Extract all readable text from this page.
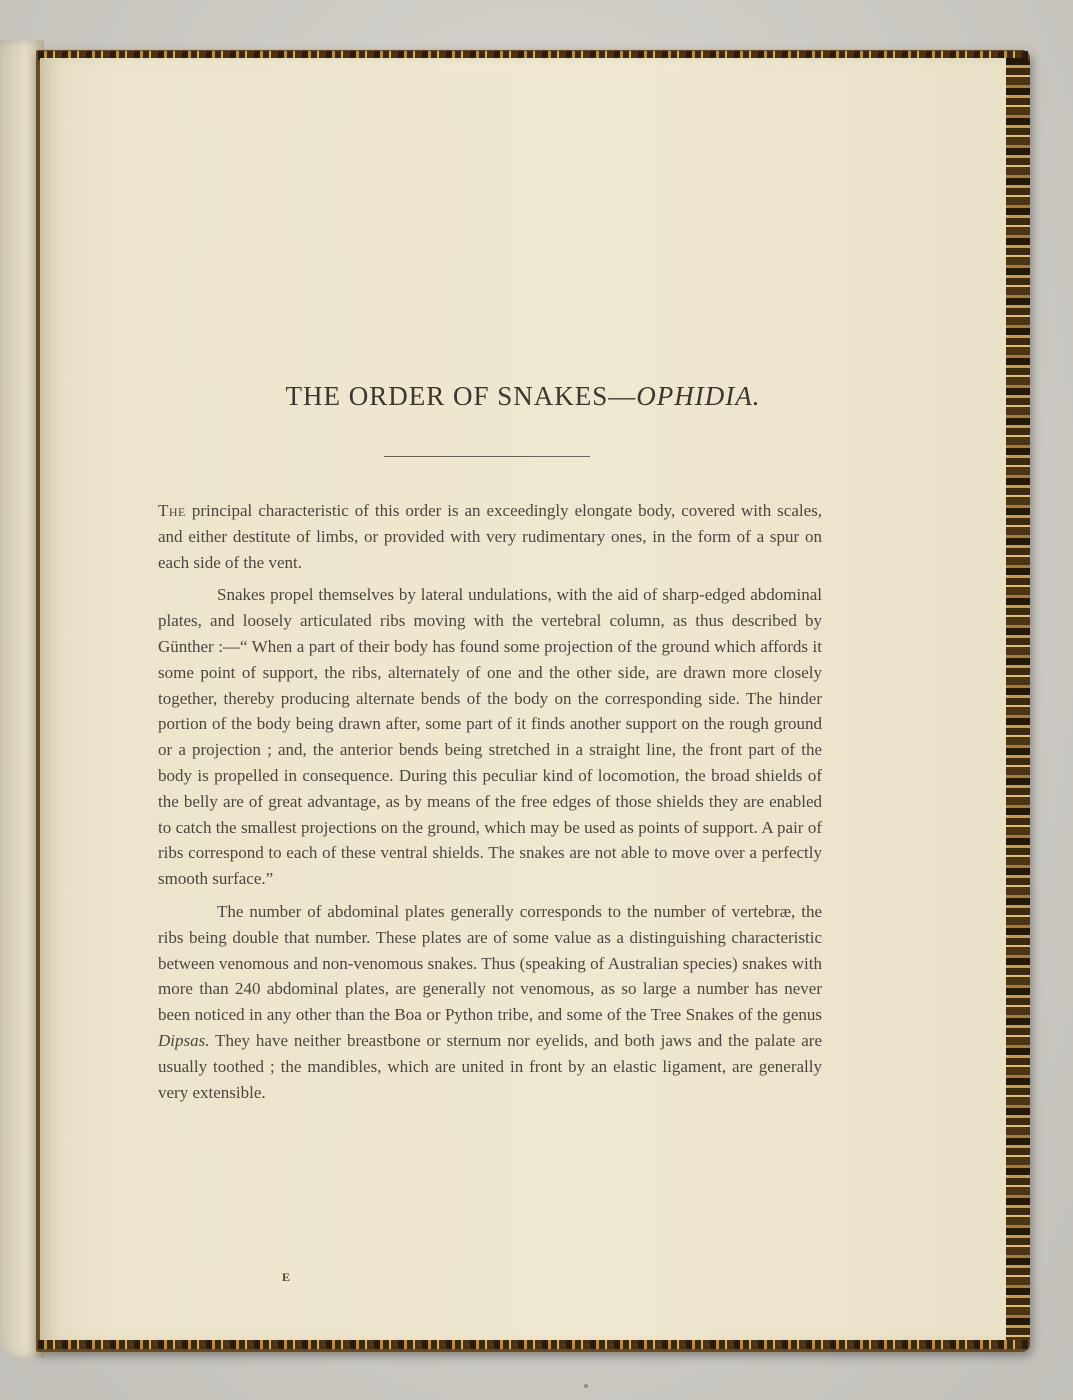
THE ORDER OF SNAKES—OPHIDIA.

The principal characteristic of this order is an exceedingly elongate body, covered with scales, and either destitute of limbs, or provided with very rudimentary ones, in the form of a spur on each side of the vent.

Snakes propel themselves by lateral undulations, with the aid of sharp-edged abdominal plates, and loosely articulated ribs moving with the vertebral column, as thus described by Günther :—“ When a part of their body has found some projection of the ground which affords it some point of support, the ribs, alternately of one and the other side, are drawn more closely together, thereby producing alternate bends of the body on the corresponding side. The hinder portion of the body being drawn after, some part of it finds another support on the rough ground or a projection ; and, the anterior bends being stretched in a straight line, the front part of the body is propelled in consequence. During this peculiar kind of locomotion, the broad shields of the belly are of great advantage, as by means of the free edges of those shields they are enabled to catch the smallest projections on the ground, which may be used as points of support. A pair of ribs correspond to each of these ventral shields. The snakes are not able to move over a perfectly smooth surface.”

The number of abdominal plates generally corresponds to the number of vertebræ, the ribs being double that number. These plates are of some value as a distinguishing characteristic between venomous and non-venomous snakes. Thus (speaking of Australian species) snakes with more than 240 abdominal plates, are generally not venomous, as so large a number has never been noticed in any other than the Boa or Python tribe, and some of the Tree Snakes of the genus Dipsas. They have neither breastbone or sternum nor eyelids, and both jaws and the palate are usually toothed ; the mandibles, which are united in front by an elastic ligament, are generally very extensible.

E
